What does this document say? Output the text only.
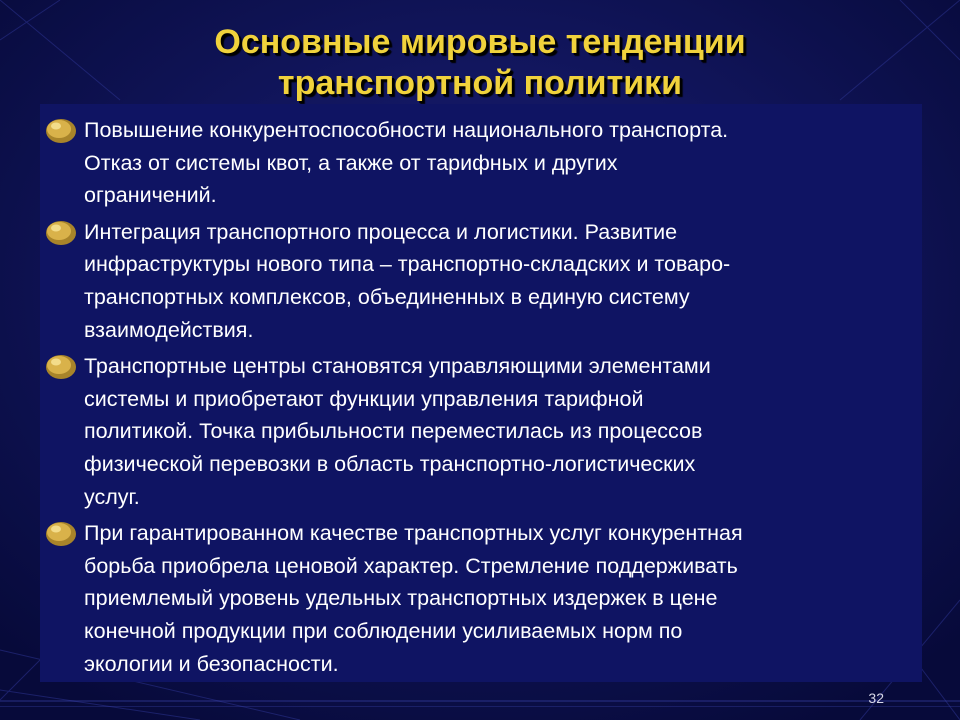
Основные мировые тенденции
транспортной политики
Повышение конкурентоспособности национального транспорта.
Отказ от системы квот, а также от тарифных и других
ограничений.
Интеграция транспортного процесса и логистики. Развитие
инфраструктуры нового типа – транспортно-складских и товаро-
транспортных комплексов, объединенных в единую систему
взаимодействия.
Транспортные центры становятся управляющими элементами
системы и приобретают функции управления тарифной
политикой. Точка прибыльности переместилась из процессов
физической перевозки в область транспортно-логистических
услуг.
При гарантированном качестве транспортных услуг конкурентная
борьба приобрела ценовой характер. Стремление поддерживать
приемлемый уровень удельных транспортных издержек в цене
конечной продукции при соблюдении усиливаемых норм по
экологии и безопасности.
32
